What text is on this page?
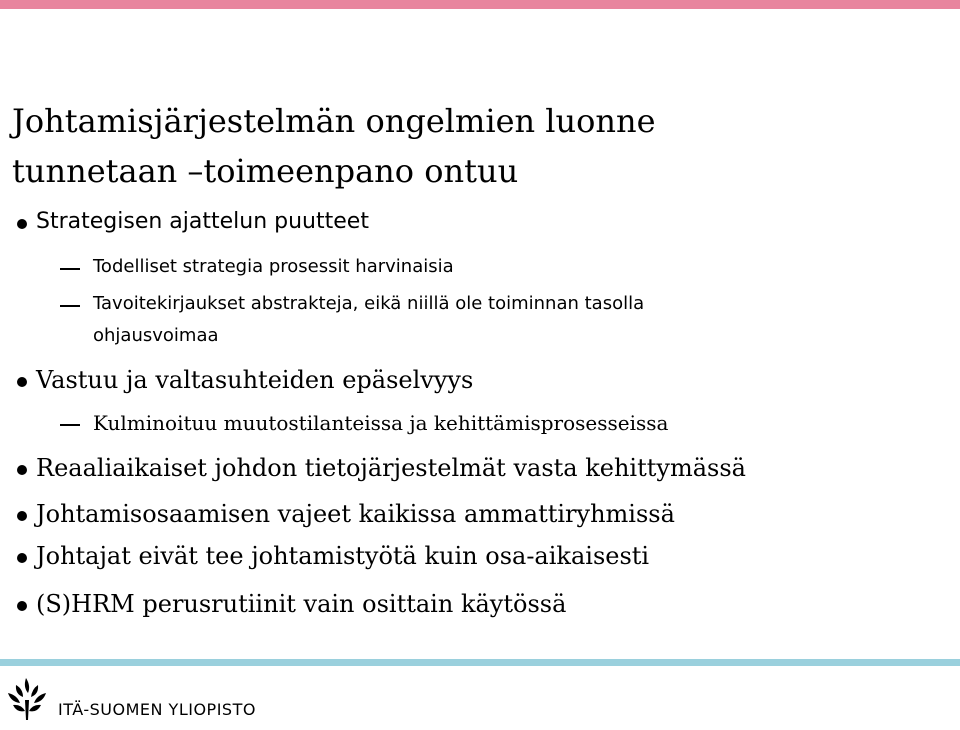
Johtamisjärjestelmän ongelmien luonne
tunnetaan –toimeenpano ontuu
Strategisen ajattelun puutteet
Todelliset strategia prosessit harvinaisia
Tavoitekirjaukset abstrakteja, eikä niillä ole toiminnan tasolla
ohjausvoimaa
Vastuu ja valtasuhteiden epäselvyys
Kulminoituu muutostilanteissa ja kehittämisprosesseissa
Reaaliaikaiset johdon tietojärjestelmät vasta kehittymässä
Johtamisosaamisen vajeet kaikissa ammattiryhmissä
Johtajat eivät tee johtamistyötä kuin osa-aikaisesti
(S)HRM perusrutiinit vain osittain käytössä
ITÄ-SUOMEN YLIOPISTO
